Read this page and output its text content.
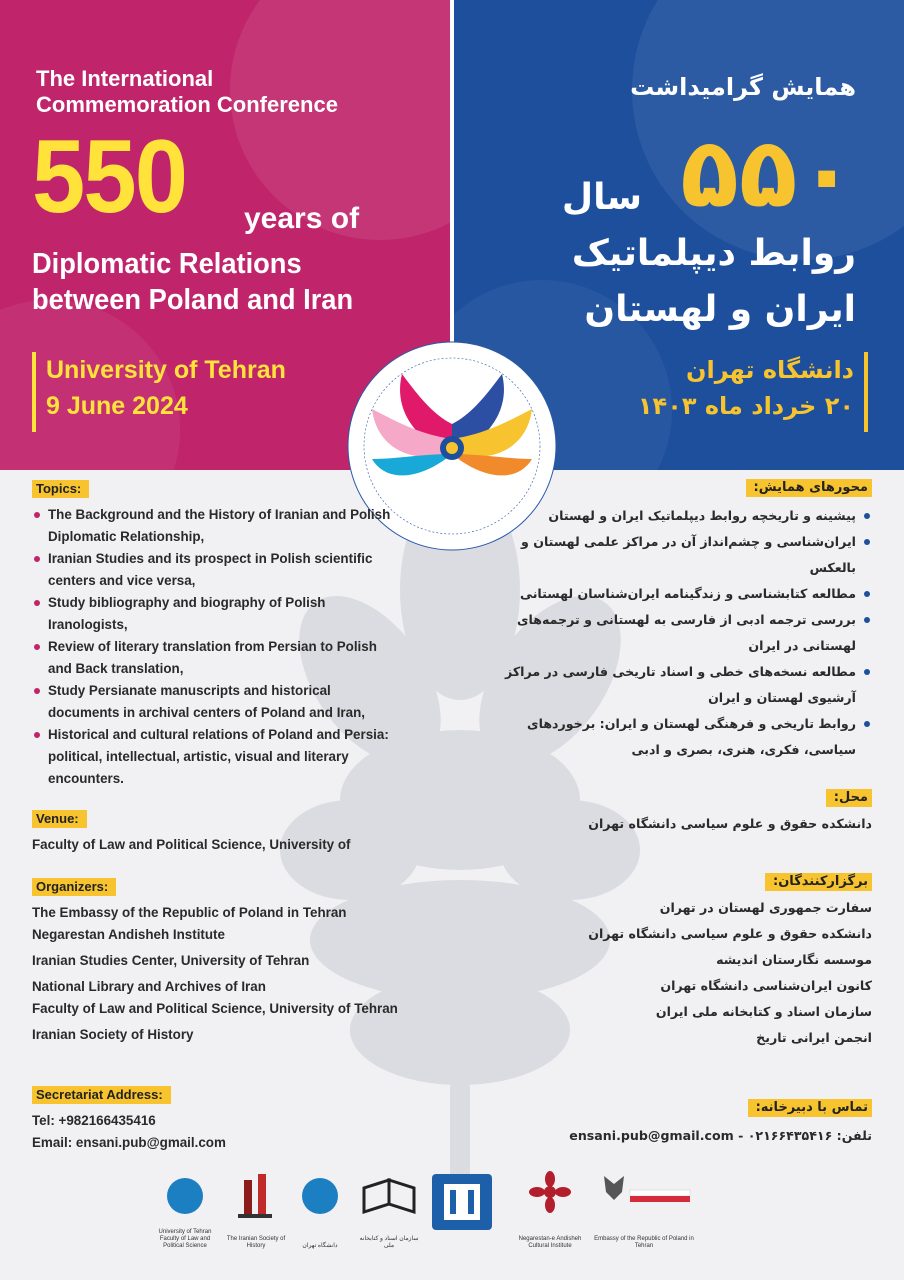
The International
Commemoration Conference
550 years of
Diplomatic Relations
between Poland and Iran
University of Tehran
9 June 2024
همایش گرامیداشت
۵۵۰
سال
روابط دیپلماتیک
ایران و لهستان
دانشگاه تهران
۲۰ خرداد ماه ۱۴۰۳
Topics:
The Background and the History of Iranian and Polish Diplomatic Relationship,
Iranian Studies and its prospect in Polish scientific centers and vice versa,
Study bibliography and biography of Polish Iranologists,
Review of literary translation from Persian to Polish and Back translation,
Study Persianate manuscripts and historical documents in archival centers of Poland and Iran,
Historical and cultural relations of Poland and Persia: political, intellectual, artistic, visual and literary encounters.
Venue:
Faculty of Law and Political Science, University of
Organizers:
The Embassy of the Republic of Poland in Tehran
Negarestan Andisheh Institute
Iranian Studies Center, University of Tehran
National Library and Archives of Iran
Faculty of Law and Political Science, University of Tehran
Iranian Society of History
Secretariat Address:
Tel: +982166435416
Email: ensani.pub@gmail.com
محورهای همایش:
پیشینه و تاریخچه روابط دیپلماتیک ایران و لهستان
ایران‌شناسی و چشم‌انداز آن در مراکز علمی لهستان و بالعکس
مطالعه کتابشناسی و زندگینامه ایران‌شناسان لهستانی
بررسی ترجمه ادبی از فارسی به لهستانی و ترجمه‌های لهستانی در ایران
مطالعه نسخه‌های خطی و اسناد تاریخی فارسی در مراکز آرشیوی لهستان و ایران
روابط تاریخی و فرهنگی لهستان و ایران: برخوردهای سیاسی، فکری، هنری، بصری و ادبی
محل:
دانشکده حقوق و علوم سیاسی دانشگاه تهران
برگزارکنندگان:
سفارت جمهوری لهستان در تهران
دانشکده حقوق و علوم سیاسی دانشگاه تهران
موسسه نگارستان اندیشه
کانون ایران‌شناسی دانشگاه تهران
سازمان اسناد و کتابخانه ملی ایران
انجمن ایرانی تاریخ
تماس با دبیرخانه:
تلفن: ۰۲۱۶۶۴۳۵۴۱۶ - ensani.pub@gmail.com
University of Tehran Faculty of Law and Political Science
The Iranian Society of History	دانشگاه تهران
سازمان اسناد و کتابخانه ملی
Negarestan-e Andisheh Cultural Institute
Embassy of the Republic of Poland in Tehran
